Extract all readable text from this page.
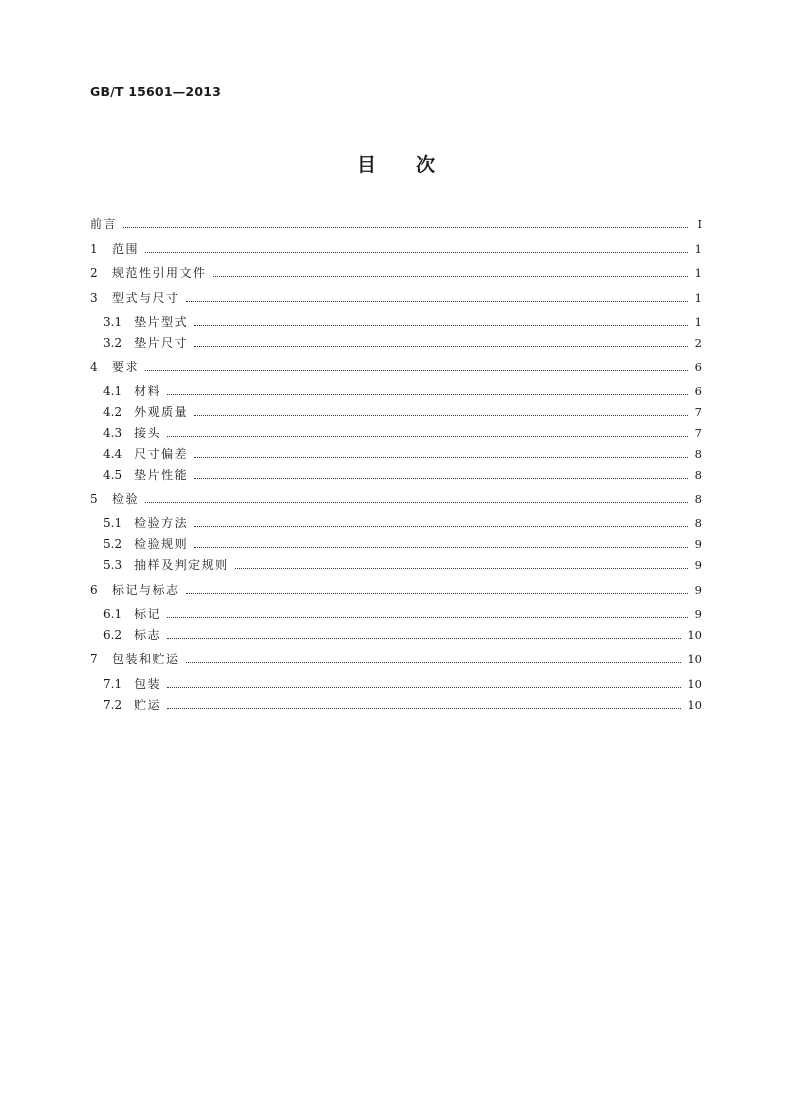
GB/T 15601—2013
目次
前言	Ⅰ
1 范围	1
2 规范性引用文件	1
3 型式与尺寸	1
3.1 垫片型式	1
3.2 垫片尺寸	2
4 要求	6
4.1 材料	6
4.2 外观质量	7
4.3 接头	7
4.4 尺寸偏差	8
4.5 垫片性能	8
5 检验	8
5.1 检验方法	8
5.2 检验规则	9
5.3 抽样及判定规则	9
6 标记与标志	9
6.1 标记	9
6.2 标志	10
7 包装和贮运	10
7.1 包装	10
7.2 贮运	10
